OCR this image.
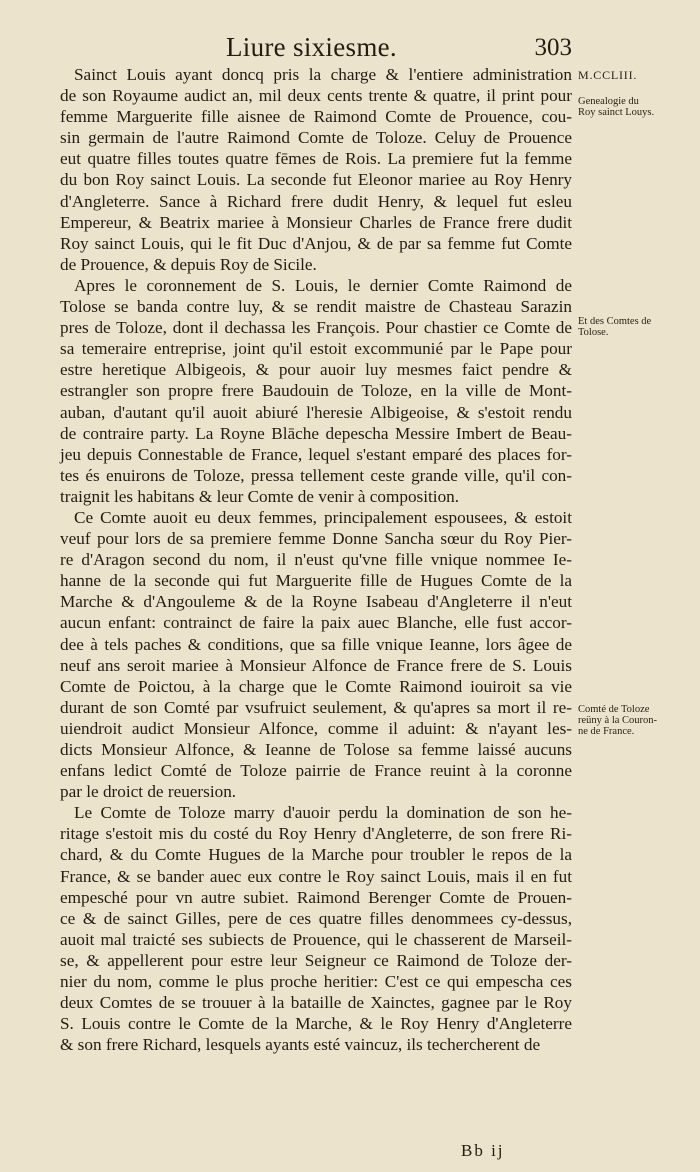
Liure sixiesme.	303
Sainct Louis ayant doncq pris la charge & l'entiere administration
de son Royaume audict an, mil deux cents trente & quatre, il print pour
femme Marguerite fille aisnee de Raimond Comte de Prouence, cou-
sin germain de l'autre Raimond Comte de Toloze. Celuy de Prouence
eut quatre filles toutes quatre fēmes de Rois. La premiere fut la femme
du bon Roy sainct Louis. La seconde fut Eleonor mariee au Roy Henry
d'Angleterre. Sance à Richard frere dudit Henry, & lequel fut esleu
Empereur, & Beatrix mariee à Monsieur Charles de France frere dudit
Roy sainct Louis, qui le fit Duc d'Anjou, & de par sa femme fut Comte
de Prouence, & depuis Roy de Sicile.
Apres le coronnement de S. Louis, le dernier Comte Raimond de
Tolose se banda contre luy, & se rendit maistre de Chasteau Sarazin
pres de Toloze, dont il dechassa les François. Pour chastier ce Comte de
sa temeraire entreprise, joint qu'il estoit excommunié par le Pape pour
estre heretique Albigeois, & pour auoir luy mesmes faict pendre &
estrangler son propre frere Baudouin de Toloze, en la ville de Mont-
auban, d'autant qu'il auoit abiuré l'heresie Albigeoise, & s'estoit rendu
de contraire party. La Royne Blāche depescha Messire Imbert de Beau-
jeu depuis Connestable de France, lequel s'estant emparé des places for-
tes és enuirons de Toloze, pressa tellement ceste grande ville, qu'il con-
traignit les habitans & leur Comte de venir à composition.
Ce Comte auoit eu deux femmes, principalement espousees, & estoit
veuf pour lors de sa premiere femme Donne Sancha sœur du Roy Pier-
re d'Aragon second du nom, il n'eust qu'vne fille vnique nommee Ie-
hanne de la seconde qui fut Marguerite fille de Hugues Comte de la
Marche & d'Angouleme & de la Royne Isabeau d'Angleterre il n'eut
aucun enfant: contrainct de faire la paix auec Blanche, elle fust accor-
dee à tels paches & conditions, que sa fille vnique Ieanne, lors âgee de
neuf ans seroit mariee à Monsieur Alfonce de France frere de S. Louis
Comte de Poictou, à la charge que le Comte Raimond iouiroit sa vie
durant de son Comté par vsufruict seulement, & qu'apres sa mort il re-
uiendroit audict Monsieur Alfonce, comme il aduint: & n'ayant les-
dicts Monsieur Alfonce, & Ieanne de Tolose sa femme laissé aucuns
enfans ledict Comté de Toloze pairrie de France reuint à la coronne
par le droict de reuersion.
Le Comte de Toloze marry d'auoir perdu la domination de son he-
ritage s'estoit mis du costé du Roy Henry d'Angleterre, de son frere Ri-
chard, & du Comte Hugues de la Marche pour troubler le repos de la
France, & se bander auec eux contre le Roy sainct Louis, mais il en fut
empesché pour vn autre subiet. Raimond Berenger Comte de Prouen-
ce & de sainct Gilles, pere de ces quatre filles denommees cy-dessus,
auoit mal traicté ses subiects de Prouence, qui le chasserent de Marseil-
se, & appellerent pour estre leur Seigneur ce Raimond de Toloze der-
nier du nom, comme le plus proche heritier: C'est ce qui empescha ces
deux Comtes de se trouuer à la bataille de Xainctes, gagnee par le Roy
S. Louis contre le Comte de la Marche, & le Roy Henry d'Angleterre
& son frere Richard, lesquels ayants esté vaincuz, ils techercherent de
M.CCLIII.
Genealogie du
Roy sainct Louys.
Et des Comtes de
Tolose.
Comté de Toloze
reüny à la Couron-
ne de France.
Bb ij
